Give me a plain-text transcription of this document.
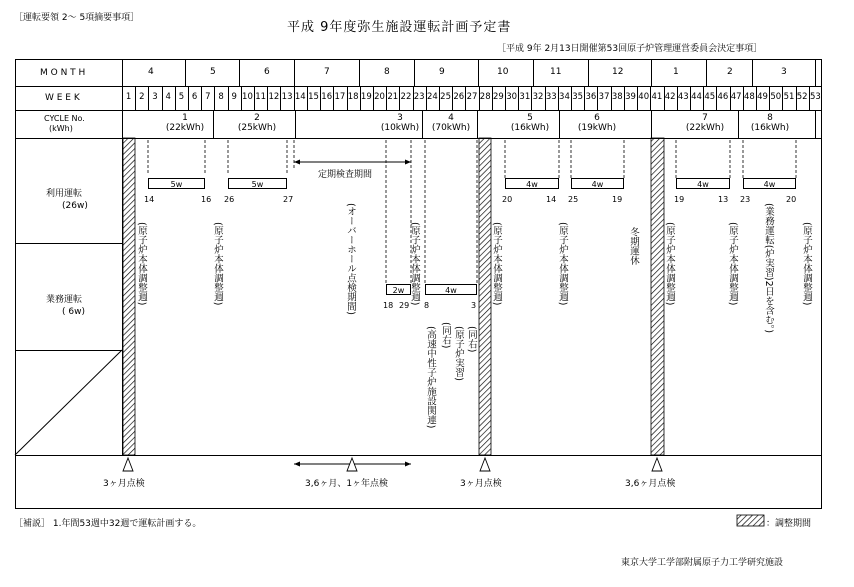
［運転要領 2～ 5項摘要事項］
平成 9年度弥生施設運転計画予定書
［平成 9年 2月13日開催第53回原子炉管理運営委員会決定事項］
M O N T H
W E E K
CYCLE No.
(kWh)
利用運転
(26w)
業務運転
( 6w)
4	5	6	7	8	9	10	11	12	1	2	3
1 2 3 4 5 6 7 8 9 10 11 12 13 14 15 16 17 18 19 20 21 22 23 24 25 26 27 28 29 30 31 32 33 34 35 36 37 38 39 40 41 42 43 44 45 46 47 48 49 50 51 52 53
1
(22kWh)
2
(25kWh)
3
(10kWh)
4
(70kWh)
5
(16kWh)
6
(19kWh)
7
(22kWh)
8
(16kWh)
定期検査期間
5w	5w	4w	4w	4w	4w
2w	4w
14	16 26	27	20	14 25	19	19	13 23	20
18 29 8	3
(原子炉本体調整週)	(原子炉本体調整週)	(オーバーホール点検期間)	(原子炉本体調整週)	(原子炉本体調整週)	(原子炉本体調整週)	冬期運休	(原子炉本体調整週)	(原子炉本体調整週)	(業務運転(炉実習)2日を含む。)	(原子炉本体調整週)
(同右)
(同右) (原子炉実習)
(高速中性子炉施設関連)
3ヶ月点検	3,6ヶ月、1ヶ年点検	3ヶ月点検	3,6ヶ月点検
［補説］ 1.年間53週中32週で運転計画する。	：調整期間
東京大学工学部附属原子力工学研究施設
